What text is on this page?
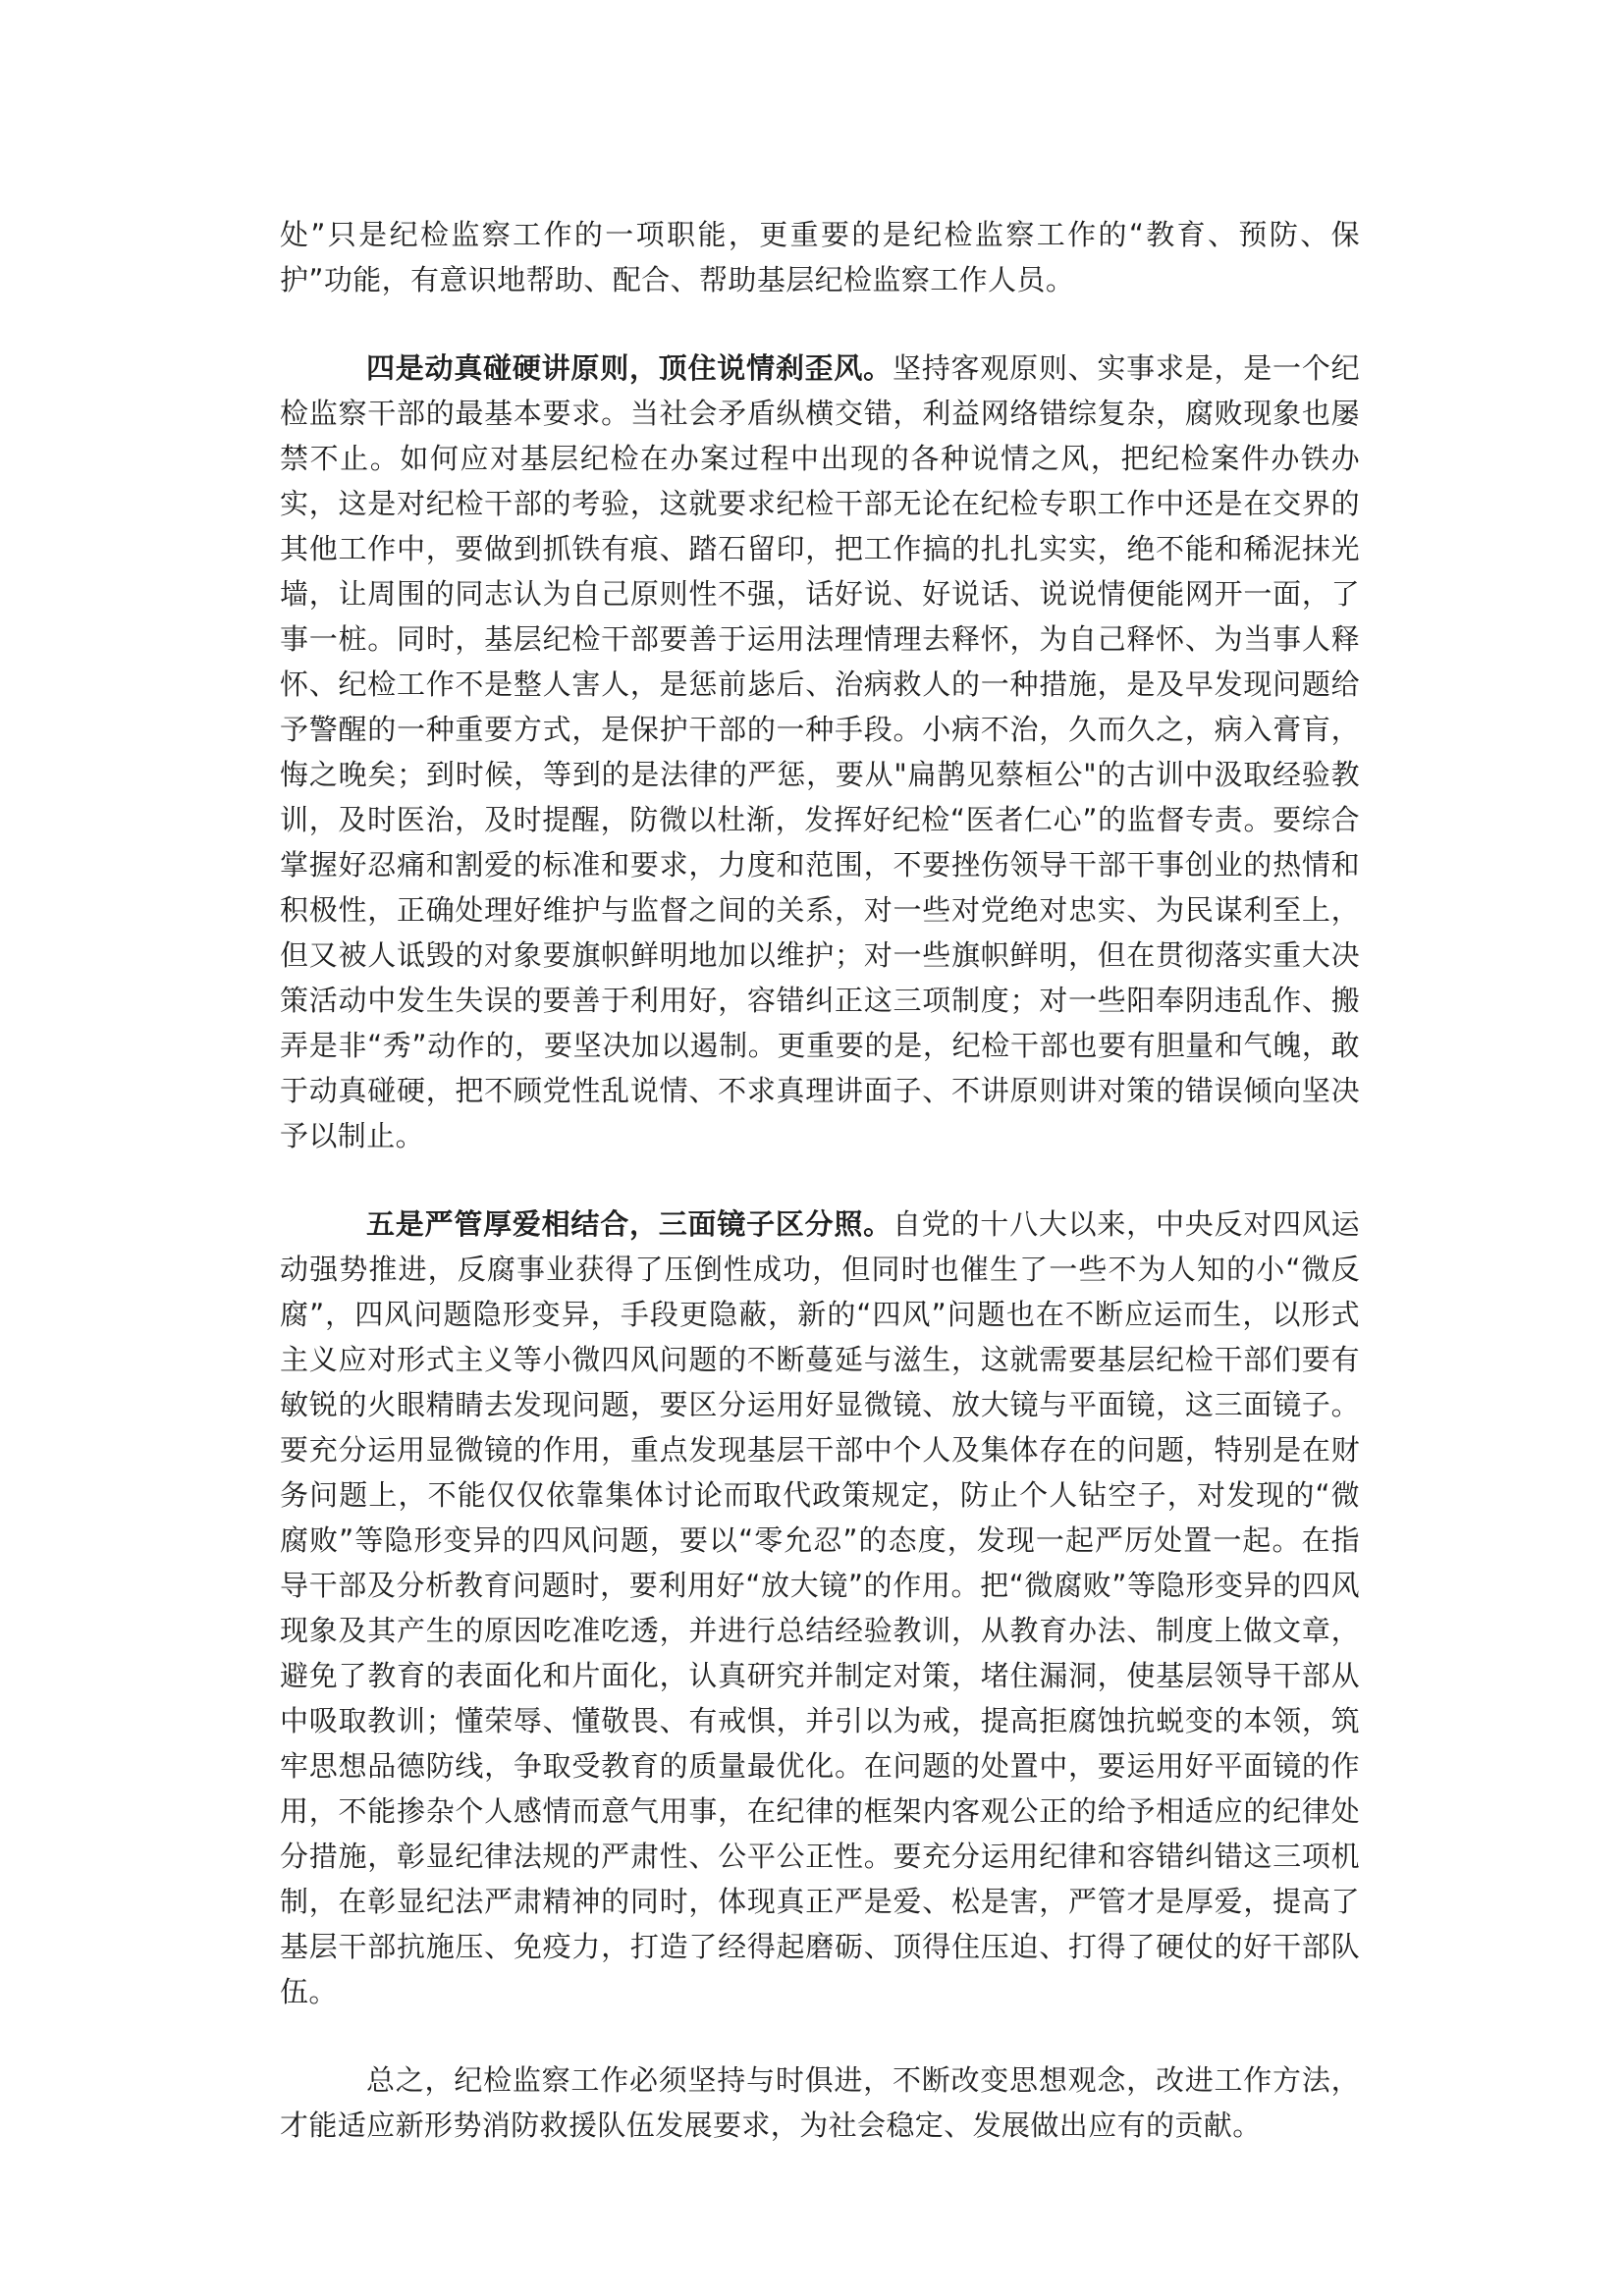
处”只是纪检监察工作的一项职能，更重要的是纪检监察工作的“教育、预防、保护”功能，有意识地帮助、配合、帮助基层纪检监察工作人员。

四是动真碰硬讲原则，顶住说情刹歪风。坚持客观原则、实事求是，是一个纪检监察干部的最基本要求。当社会矛盾纵横交错，利益网络错综复杂，腐败现象也屡禁不止。如何应对基层纪检在办案过程中出现的各种说情之风，把纪检案件办铁办实，这是对纪检干部的考验，这就要求纪检干部无论在纪检专职工作中还是在交界的其他工作中，要做到抓铁有痕、踏石留印，把工作搞的扎扎实实，绝不能和稀泥抹光墙，让周围的同志认为自己原则性不强，话好说、好说话、说说情便能网开一面，了事一桩。同时，基层纪检干部要善于运用法理情理去释怀，为自己释怀、为当事人释怀、纪检工作不是整人害人，是惩前毖后、治病救人的一种措施，是及早发现问题给予警醒的一种重要方式，是保护干部的一种手段。小病不治，久而久之，病入膏肓，悔之晚矣；到时候，等到的是法律的严惩，要从"扁鹊见蔡桓公"的古训中汲取经验教训，及时医治，及时提醒，防微以杜渐，发挥好纪检“医者仁心”的监督专责。要综合掌握好忍痛和割爱的标准和要求，力度和范围，不要挫伤领导干部干事创业的热情和积极性，正确处理好维护与监督之间的关系，对一些对党绝对忠实、为民谋利至上，但又被人诋毁的对象要旗帜鲜明地加以维护；对一些旗帜鲜明，但在贯彻落实重大决策活动中发生失误的要善于利用好，容错纠正这三项制度；对一些阳奉阴违乱作、搬弄是非“秀”动作的，要坚决加以遏制。更重要的是，纪检干部也要有胆量和气魄，敢于动真碰硬，把不顾党性乱说情、不求真理讲面子、不讲原则讲对策的错误倾向坚决予以制止。

五是严管厚爱相结合，三面镜子区分照。自党的十八大以来，中央反对四风运动强势推进，反腐事业获得了压倒性成功，但同时也催生了一些不为人知的小“微反腐”，四风问题隐形变异，手段更隐蔽，新的“四风”问题也在不断应运而生，以形式主义应对形式主义等小微四风问题的不断蔓延与滋生，这就需要基层纪检干部们要有敏锐的火眼精睛去发现问题，要区分运用好显微镜、放大镜与平面镜，这三面镜子。要充分运用显微镜的作用，重点发现基层干部中个人及集体存在的问题，特别是在财务问题上，不能仅仅依靠集体讨论而取代政策规定，防止个人钻空子，对发现的“微腐败”等隐形变异的四风问题，要以“零允忍”的态度，发现一起严厉处置一起。在指导干部及分析教育问题时，要利用好“放大镜”的作用。把“微腐败”等隐形变异的四风现象及其产生的原因吃准吃透，并进行总结经验教训，从教育办法、制度上做文章，避免了教育的表面化和片面化，认真研究并制定对策，堵住漏洞，使基层领导干部从中吸取教训；懂荣辱、懂敬畏、有戒惧，并引以为戒，提高拒腐蚀抗蜕变的本领，筑牢思想品德防线，争取受教育的质量最优化。在问题的处置中，要运用好平面镜的作用，不能掺杂个人感情而意气用事，在纪律的框架内客观公正的给予相适应的纪律处分措施，彰显纪律法规的严肃性、公平公正性。要充分运用纪律和容错纠错这三项机制，在彰显纪法严肃精神的同时，体现真正严是爱、松是害，严管才是厚爱，提高了基层干部抗施压、免疫力，打造了经得起磨砺、顶得住压迫、打得了硬仗的好干部队伍。

总之，纪检监察工作必须坚持与时俱进，不断改变思想观念，改进工作方法，才能适应新形势消防救援队伍发展要求，为社会稳定、发展做出应有的贡献。
